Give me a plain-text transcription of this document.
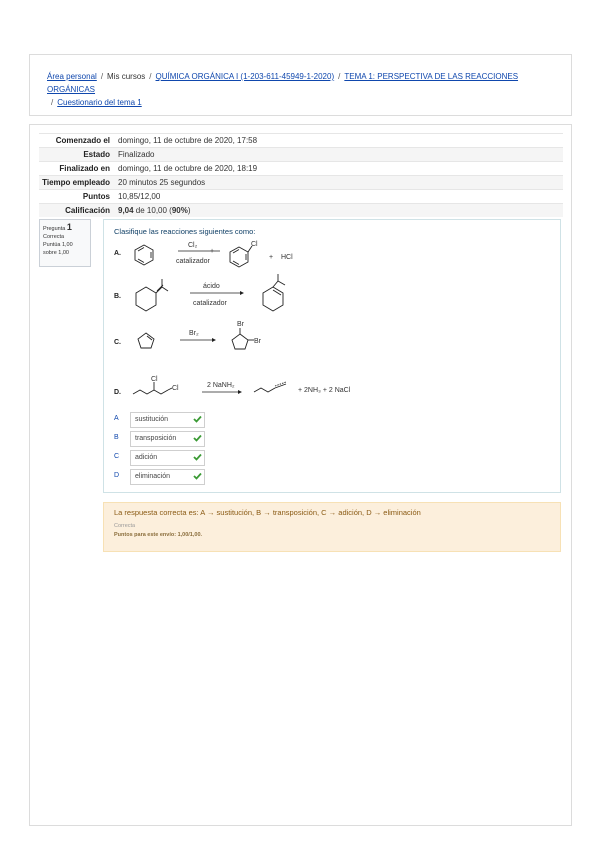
Área personal / Mis cursos / QUÍMICA ORGÁNICA I (1-203-611-45949-1-2020) / TEMA 1: PERSPECTIVA DE LAS REACCIONES ORGÁNICAS
/ Cuestionario del tema 1
Comenzado el	domingo, 11 de octubre de 2020, 17:58
Estado	Finalizado
Finalizado en	domingo, 11 de octubre de 2020, 18:19
Tiempo empleado	20 minutos 25 segundos
Puntos	10,85/12,00
Calificación	9,04 de 10,00 (90%)
Pregunta 1
Correcta
Puntúa 1,00
sobre 1,00
Clasifique las reacciones siguientes como:
A.
Cl₂
+
catalizador
Cl
+ HCl
B.
ácido
catalizador
C.
Br₂
Br
Br
D.
Cl
Cl	2 NaNH₂
+ 2NH₃ + 2 NaCl
A	sustitución
B	transposición
C	adición
D	eliminación
La respuesta correcta es: A → sustitución, B → transposición, C → adición, D → eliminación
Correcta
Puntos para este envío: 1,00/1,00.
